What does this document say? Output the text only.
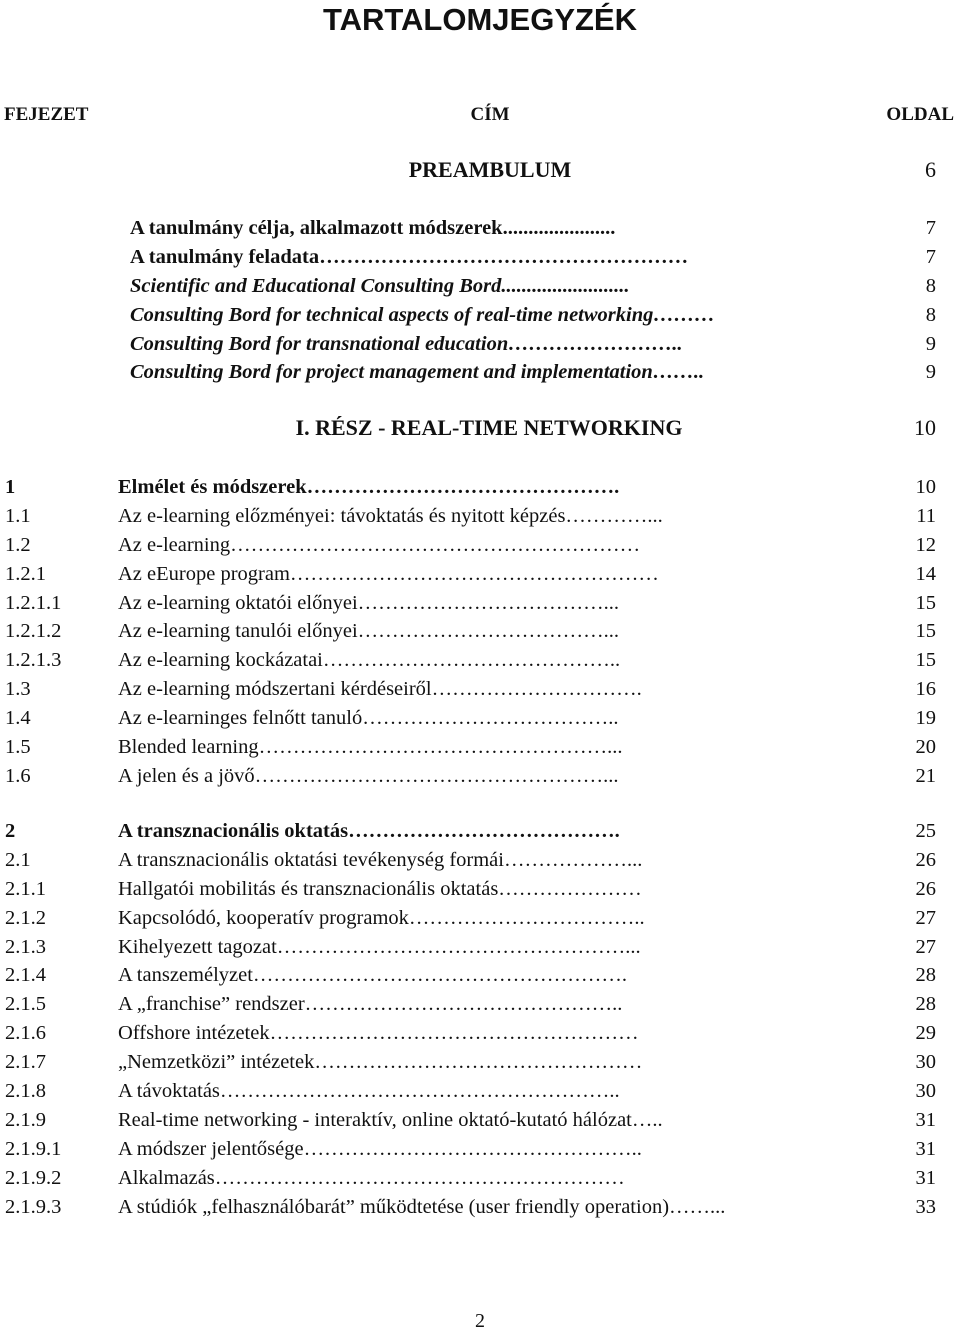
TARTALOMJEGYZÉK
FEJEZET	CÍM	OLDAL
PREAMBULUM	6
A tanulmány célja, alkalmazott módszerek......................	7
A tanulmány feladata………………………………………………	7
Scientific and Educational Consulting Bord.........................	8
Consulting Bord for technical aspects of real-time networking………	8
Consulting Bord for transnational education……………………..	9
Consulting Bord for project management and implementation……..	9
I. RÉSZ - REAL-TIME NETWORKING	10
1	Elmélet és módszerek……………………………………….	10
1.1	Az e-learning előzményei: távoktatás és nyitott képzés…………...	11
1.2	Az e-learning……………………………………………………	12
1.2.1	Az eEurope program………………………………………………	14
1.2.1.1	Az e-learning oktatói előnyei………………………………...	15
1.2.1.2	Az e-learning tanulói előnyei………………………………...	15
1.2.1.3	Az e-learning kockázatai……………………………………..	15
1.3	Az e-learning módszertani kérdéseiről………………………….	16
1.4	Az e-learninges felnőtt tanuló………………………………..	19
1.5	Blended learning……………………………………………...	20
1.6	A jelen és a jövő……………………………………………...	21
2	A transznacionális oktatás………………………………….	25
2.1	A transznacionális oktatási tevékenység formái………………...	26
2.1.1	Hallgatói mobilitás és transznacionális oktatás…………………	26
2.1.2	Kapcsolódó, kooperatív programok……………………………..	27
2.1.3	Kihelyezett tagozat……………………………………………...	27
2.1.4	A tanszemélyzet……………………………………………….	28
2.1.5	A „franchise” rendszer………………………………………..	28
2.1.6	Offshore intézetek………………………………………………	29
2.1.7	„Nemzetközi” intézetek…………………………………………	30
2.1.8	A távoktatás…………………………………………………..	30
2.1.9	Real-time networking - interaktív, online oktató-kutató hálózat…..	31
2.1.9.1	A módszer jelentősége…………………………………………..	31
2.1.9.2	Alkalmazás……………………………………………………	31
2.1.9.3	A stúdiók „felhasználóbarát” működtetése (user friendly operation)……...	33
2
